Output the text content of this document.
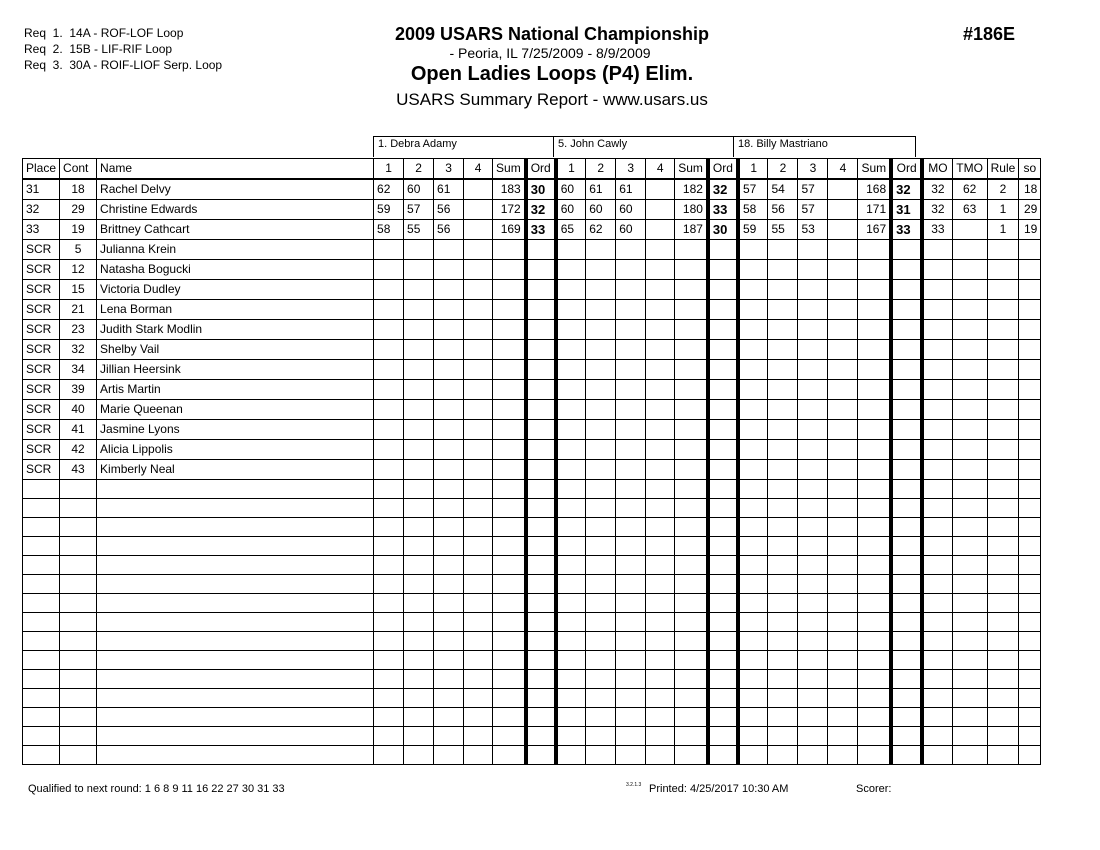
Req  1.  14A - ROF-LOF Loop
Req  2.  15B - LIF-RIF Loop
Req  3.  30A - ROIF-LIOF Serp. Loop
2009 USARS National Championship
- Peoria, IL 7/25/2009 - 8/9/2009
Open Ladies Loops (P4) Elim.
USARS Summary Report - www.usars.us
#186E
1. Debra Adamy	5. John Cawly	18. Billy Mastriano
Place	Cont	Name	1	2	3	4	Sum	Ord	1	2	3	4	Sum	Ord	1	2	3	4	Sum	Ord	MO	TMO	Rule	so
31	18	Rachel Delvy	62	60	61		183	30	60	61	61		182	32	57	54	57		168	32	32	62	2	18
32	29	Christine Edwards	59	57	56		172	32	60	60	60		180	33	58	56	57		171	31	32	63	1	29
33	19	Brittney Cathcart	58	55	56		169	33	65	62	60		187	30	59	55	53		167	33	33		1	19
SCR	5	Julianna Krein																						
SCR	12	Natasha Bogucki																						
SCR	15	Victoria Dudley																						
SCR	21	Lena Borman																						
SCR	23	Judith Stark Modlin																						
SCR	32	Shelby Vail																						
SCR	34	Jillian Heersink																						
SCR	39	Artis Martin																						
SCR	40	Marie Queenan																						
SCR	41	Jasmine Lyons																						
SCR	42	Alicia Lippolis																						
SCR	43	Kimberly Neal																						

Qualified to next round: 1 6 8 9 11 16 22 27 30 31 33	3.2.1.3 Printed: 4/25/2017 10:30 AM	Scorer:
